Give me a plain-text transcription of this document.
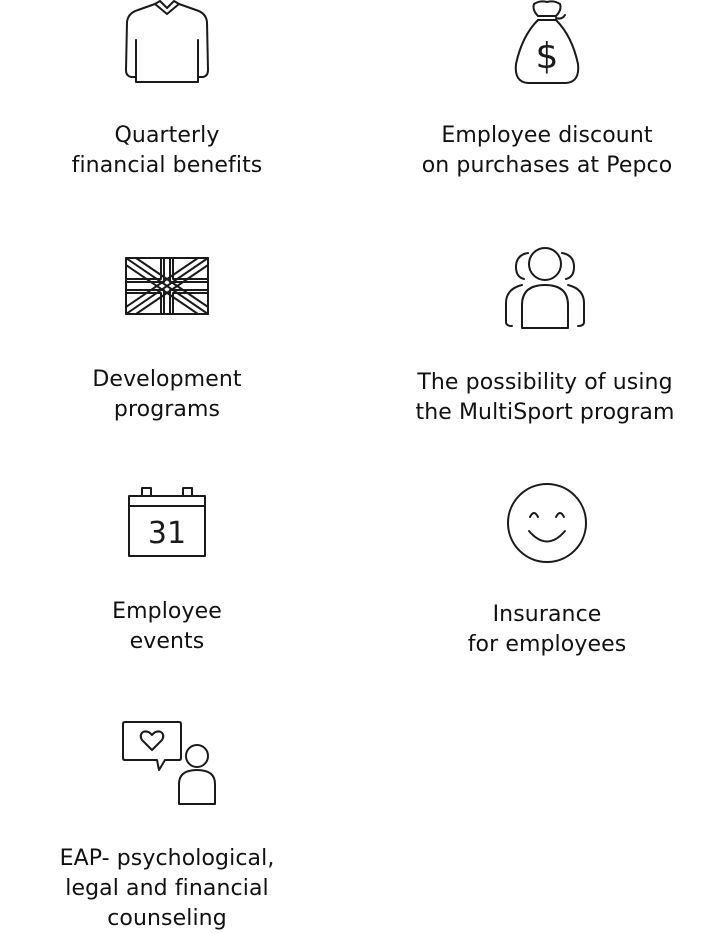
Quarterly
financial benefits
$
Employee discount
on purchases at Pepco
Development
programs
The possibility of using
the MultiSport program
31
Employee
events
Insurance
for employees
EAP- psychological,
legal and financial
counseling
